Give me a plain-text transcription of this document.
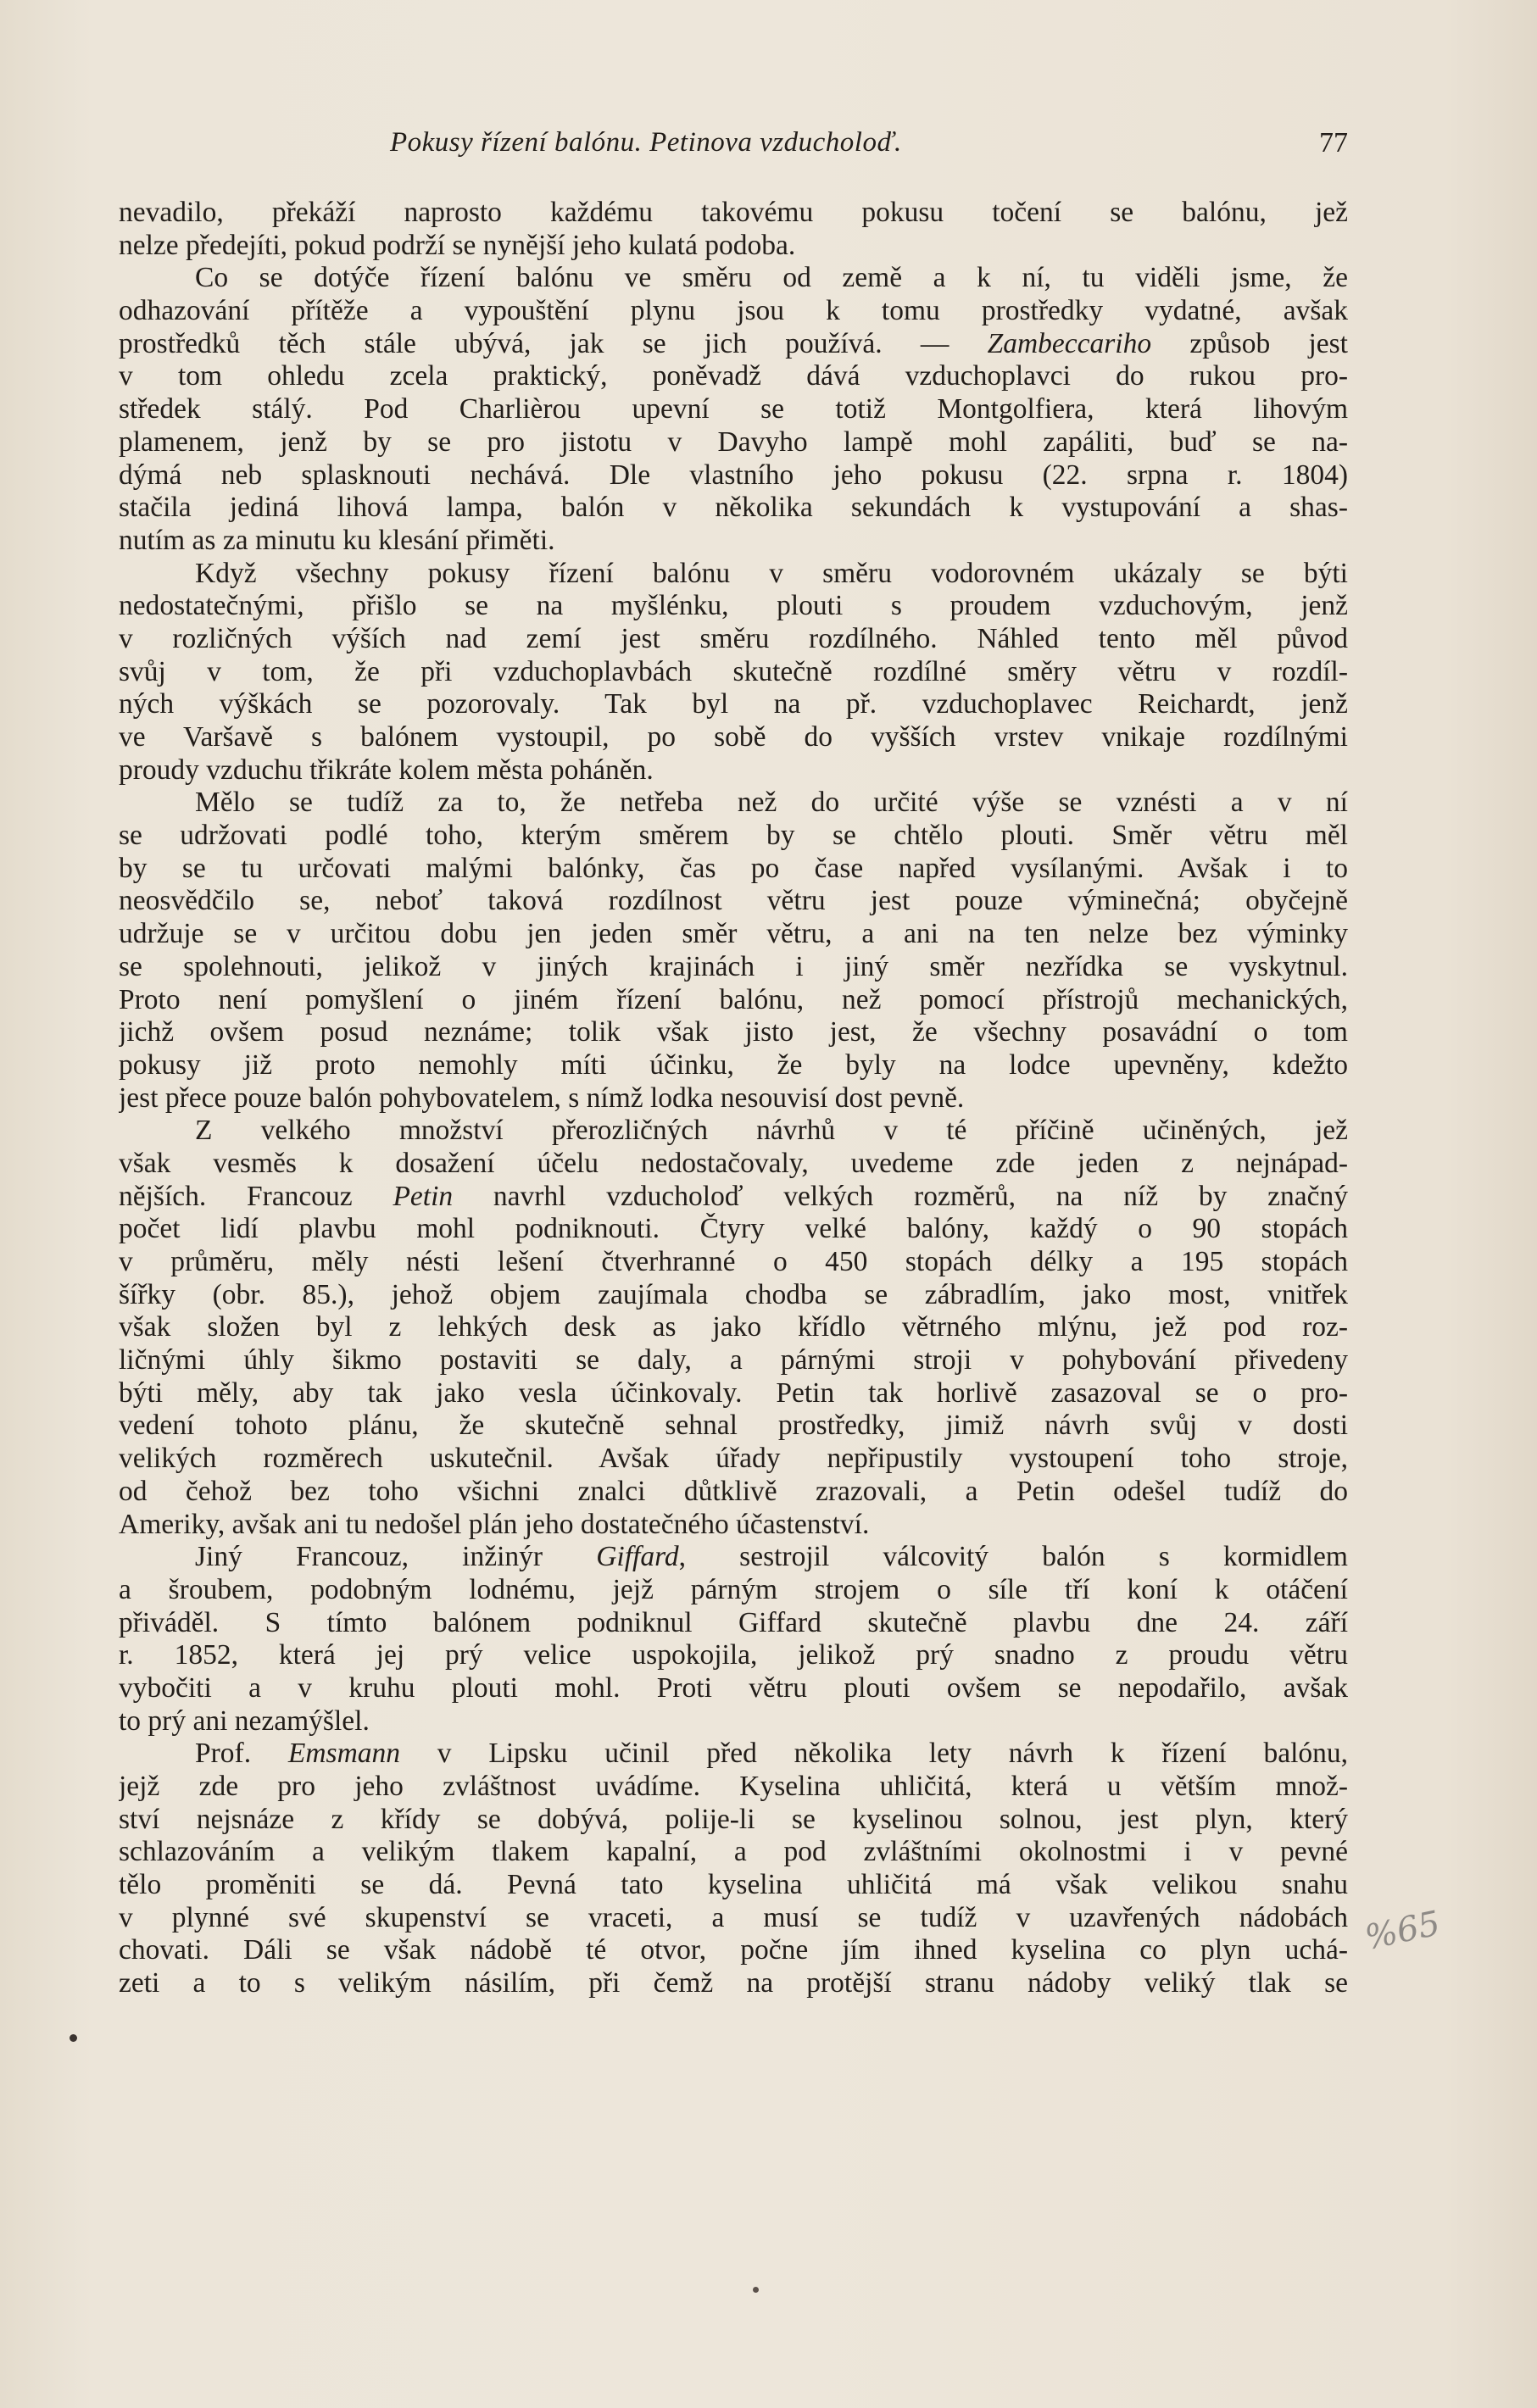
Pokusy řízení balónu. Petinova vzducholoď.	77
nevadilo, překáží naprosto každému takovému pokusu točení se balónu, jež
nelze předejíti, pokud podrží se nynější jeho kulatá podoba.
Co se dotýče řízení balónu ve směru od země a k ní, tu viděli jsme, že
odhazování přítěže a vypouštění plynu jsou k tomu prostředky vydatné, avšak
prostředků těch stále ubývá, jak se jich používá. — Zambeccariho způsob jest
v tom ohledu zcela praktický, poněvadž dává vzduchoplavci do rukou pro-
středek stálý. Pod Charlièrou upevní se totiž Montgolfiera, která lihovým
plamenem, jenž by se pro jistotu v Davyho lampě mohl zapáliti, buď se na-
dýmá neb splasknouti nechává. Dle vlastního jeho pokusu (22. srpna r. 1804)
stačila jediná lihová lampa, balón v několika sekundách k vystupování a shas-
nutím as za minutu ku klesání přiměti.
Když všechny pokusy řízení balónu v směru vodorovném ukázaly se býti
nedostatečnými, přišlo se na myšlénku, plouti s proudem vzduchovým, jenž
v rozličných výších nad zemí jest směru rozdílného. Náhled tento měl původ
svůj v tom, že při vzduchoplavbách skutečně rozdílné směry větru v rozdíl-
ných výškách se pozorovaly. Tak byl na př. vzduchoplavec Reichardt, jenž
ve Varšavě s balónem vystoupil, po sobě do vyšších vrstev vnikaje rozdílnými
proudy vzduchu třikráte kolem města poháněn.
Mělo se tudíž za to, že netřeba než do určité výše se vznésti a v ní
se udržovati podlé toho, kterým směrem by se chtělo plouti. Směr větru měl
by se tu určovati malými balónky, čas po čase napřed vysílanými. Avšak i to
neosvědčilo se, neboť taková rozdílnost větru jest pouze výminečná; obyčejně
udržuje se v určitou dobu jen jeden směr větru, a ani na ten nelze bez výminky
se spolehnouti, jelikož v jiných krajinách i jiný směr nezřídka se vyskytnul.
Proto není pomyšlení o jiném řízení balónu, než pomocí přístrojů mechanických,
jichž ovšem posud neznáme; tolik však jisto jest, že všechny posavádní o tom
pokusy již proto nemohly míti účinku, že byly na lodce upevněny, kdežto
jest přece pouze balón pohybovatelem, s nímž lodka nesouvisí dost pevně.
Z velkého množství přerozličných návrhů v té příčině učiněných, jež
však vesměs k dosažení účelu nedostačovaly, uvedeme zde jeden z nejnápad-
nějších. Francouz Petin navrhl vzducholoď velkých rozměrů, na níž by značný
počet lidí plavbu mohl podniknouti. Čtyry velké balóny, každý o 90 stopách
v průměru, měly nésti lešení čtverhranné o 450 stopách délky a 195 stopách
šířky (obr. 85.), jehož objem zaujímala chodba se zábradlím, jako most, vnitřek
však složen byl z lehkých desk as jako křídlo větrného mlýnu, jež pod roz-
ličnými úhly šikmo postaviti se daly, a párnými stroji v pohybování přivedeny
býti měly, aby tak jako vesla účinkovaly. Petin tak horlivě zasazoval se o pro-
vedení tohoto plánu, že skutečně sehnal prostředky, jimiž návrh svůj v dosti
velikých rozměrech uskutečnil. Avšak úřady nepřipustily vystoupení toho stroje,
od čehož bez toho všichni znalci důtklivě zrazovali, a Petin odešel tudíž do
Ameriky, avšak ani tu nedošel plán jeho dostatečného účastenství.
Jiný Francouz, inžinýr Giffard, sestrojil válcovitý balón s kormidlem
a šroubem, podobným lodnému, jejž párným strojem o síle tří koní k otáčení
přiváděl. S tímto balónem podniknul Giffard skutečně plavbu dne 24. září
r. 1852, která jej prý velice uspokojila, jelikož prý snadno z proudu větru
vybočiti a v kruhu plouti mohl. Proti větru plouti ovšem se nepodařilo, avšak
to prý ani nezamýšlel.
Prof. Emsmann v Lipsku učinil před několika lety návrh k řízení balónu,
jejž zde pro jeho zvláštnost uvádíme. Kyselina uhličitá, která u větším množ-
ství nejsnáze z křídy se dobývá, polije-li se kyselinou solnou, jest plyn, který
schlazováním a velikým tlakem kapalní, a pod zvláštními okolnostmi i v pevné
tělo proměniti se dá. Pevná tato kyselina uhličitá má však velikou snahu
v plynné své skupenství se vraceti, a musí se tudíž v uzavřených nádobách
chovati. Dáli se však nádobě té otvor, počne jím ihned kyselina co plyn uchá-
zeti a to s velikým násilím, při čemž na protější stranu nádoby veliký tlak se
%65
